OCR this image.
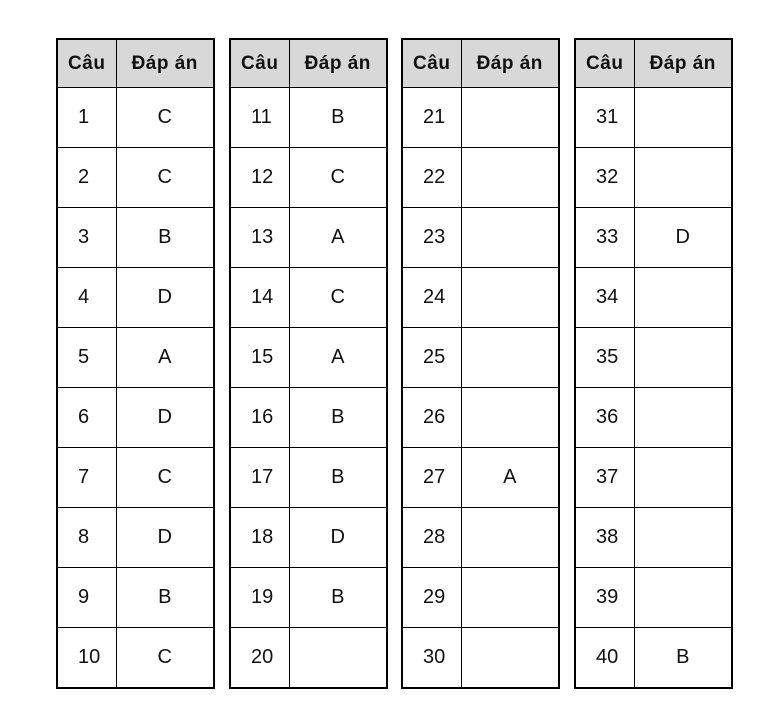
Câu	Đáp án
1	C
2	C
3	B
4	D
5	A
6	D
7	C
8	D
9	B
10	C
Câu	Đáp án
11	B
12	C
13	A
14	C
15	A
16	B
17	B
18	D
19	B
20	
Câu	Đáp án
21	
22	
23	
24	
25	
26	
27	A
28	
29	
30	
Câu	Đáp án
31	
32	
33	D
34	
35	
36	
37	
38	
39	
40	B
